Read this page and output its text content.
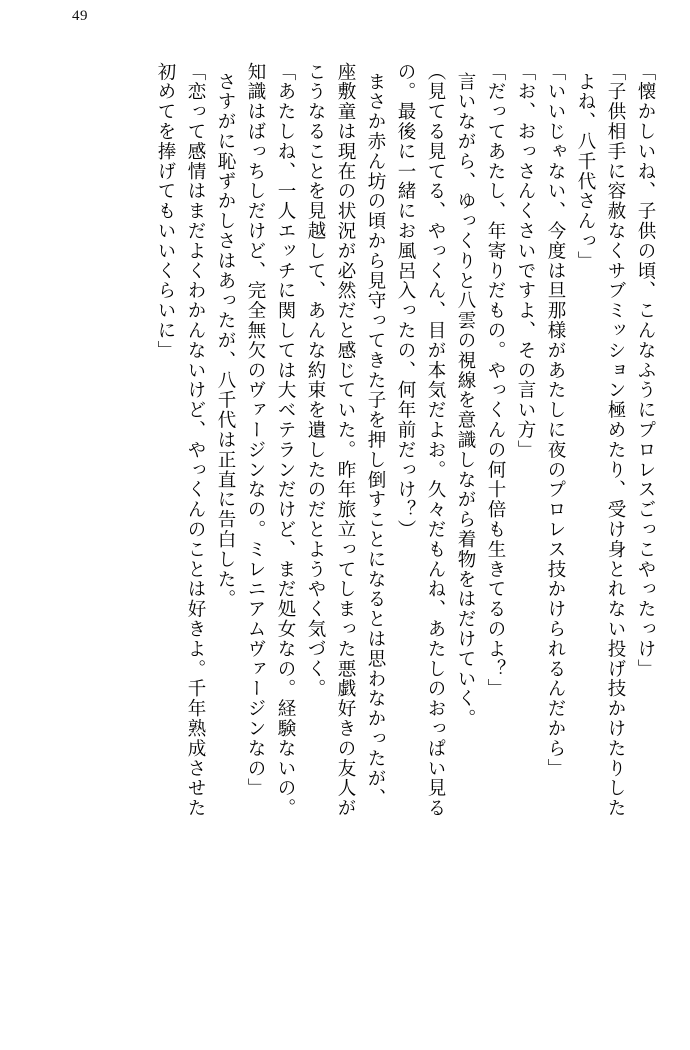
49
「懐かしいね、子供の頃、こんなふうにプロレスごっこやったっけ」
「子供相手に容赦なくサブミッション極めたり、受け身とれない投げ技かけたりした
よね、八千代さんっ」
「いいじゃない、今度は旦那様があたしに夜のプロレス技かけられるんだから」
「お、おっさんくさいですよ、その言い方」
「だってあたし、年寄りだもの。やっくんの何十倍も生きてるのよ？」
言いながら、ゆっくりと八雲の視線を意識しながら着物をはだけていく。
（見てる見てる、やっくん、目が本気だよお。久々だもんね、あたしのおっぱい見る
の。最後に一緒にお風呂入ったの、何年前だっけ？）
まさか赤ん坊の頃から見守ってきた子を押し倒すことになるとは思わなかったが、
座敷童は現在の状況が必然だと感じていた。昨年旅立ってしまった悪戯好きの友人が
こうなることを見越して、あんな約束を遺したのだとようやく気づく。
「あたしね、一人エッチに関しては大ベテランだけど、まだ処女なの。経験ないの。
知識はばっちしだけど、完全無欠のヴァージンなの。ミレニアムヴァージンなの」
さすがに恥ずかしさはあったが、八千代は正直に告白した。
「恋って感情はまだよくわかんないけど、やっくんのことは好きよ。千年熟成させた
初めてを捧げてもいいくらいに」
